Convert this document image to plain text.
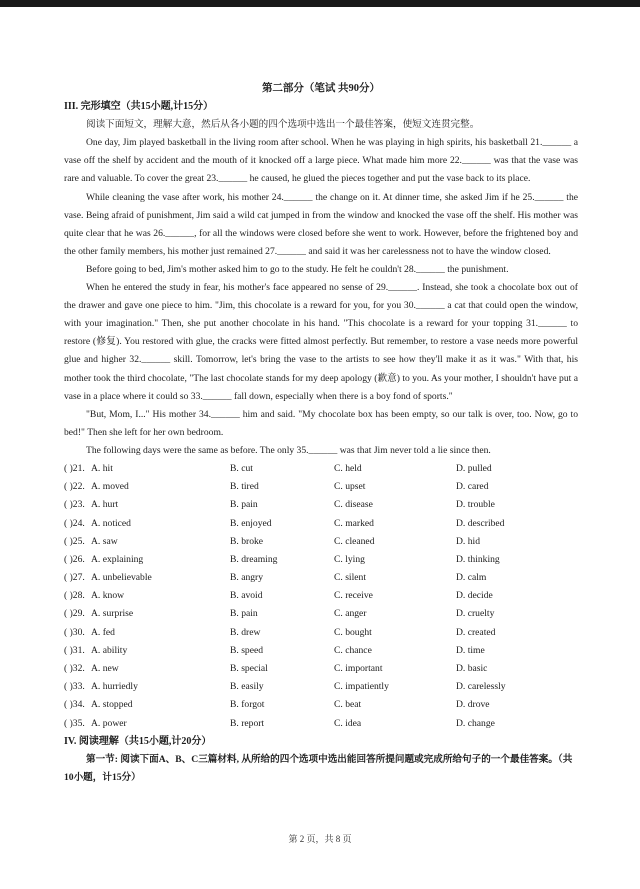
第二部分（笔试 共90分）
III. 完形填空（共15小题,计15分）

阅读下面短文，理解大意，然后从各小题的四个选项中选出一个最佳答案，使短文连贯完整。

One day, Jim played basketball in the living room after school. When he was playing in high spirits, his basketball 21.______ a vase off the shelf by accident and the mouth of it knocked off a large piece. What made him more 22.______ was that the vase was rare and valuable. To cover the great 23.______ he caused, he glued the pieces together and put the vase back to its place.

While cleaning the vase after work, his mother 24.______ the change on it. At dinner time, she asked Jim if he 25.______ the vase. Being afraid of punishment, Jim said a wild cat jumped in from the window and knocked the vase off the shelf. His mother was quite clear that he was 26.______, for all the windows were closed before she went to work. However, before the frightened boy and the other family members, his mother just remained 27.______ and said it was her carelessness not to have the window closed.

Before going to bed, Jim's mother asked him to go to the study. He felt he couldn't 28.______ the punishment.

When he entered the study in fear, his mother's face appeared no sense of 29.______. Instead, she took a chocolate box out of the drawer and gave one piece to him. "Jim, this chocolate is a reward for you, for you 30.______ a cat that could open the window, with your imagination." Then, she put another chocolate in his hand. "This chocolate is a reward for your topping 31.______ to restore (修复). You restored with glue, the cracks were fitted almost perfectly. But remember, to restore a vase needs more powerful glue and higher 32.______ skill. Tomorrow, let's bring the vase to the artists to see how they'll make it as it was." With that, his mother took the third chocolate, "The last chocolate stands for my deep apology (歉意) to you. As your mother, I shouldn't have put a vase in a place where it could so 33.______ fall down, especially when there is a boy fond of sports."

"But, Mom, I..." His mother 34.______ him and said. "My chocolate box has been empty, so our talk is over, too. Now, go to bed!" Then she left for her own bedroom.

The following days were the same as before. The only 35.______ was that Jim never told a lie since then.

( )21. A. hit	B. cut	C. held	D. pulled
( )22. A. moved	B. tired	C. upset	D. cared
( )23. A. hurt	B. pain	C. disease	D. trouble
( )24. A. noticed	B. enjoyed	C. marked	D. described
( )25. A. saw	B. broke	C. cleaned	D. hid
( )26. A. explaining	B. dreaming	C. lying	D. thinking
( )27. A. unbelievable	B. angry	C. silent	D. calm
( )28. A. know	B. avoid	C. receive	D. decide
( )29. A. surprise	B. pain	C. anger	D. cruelty
( )30. A. fed	B. drew	C. bought	D. created
( )31. A. ability	B. speed	C. chance	D. time
( )32. A. new	B. special	C. important	D. basic
( )33. A. hurriedly	B. easily	C. impatiently	D. carelessly
( )34. A. stopped	B. forgot	C. beat	D. drove
( )35. A. power	B. report	C. idea	D. change
IV. 阅读理解（共15小题,计20分）

第一节: 阅读下面A、B、C三篇材料, 从所给的四个选项中选出能回答所提问题或完成所给句子的一个最佳答案。（共10小题，计15分）

第 2 页，共 8 页
